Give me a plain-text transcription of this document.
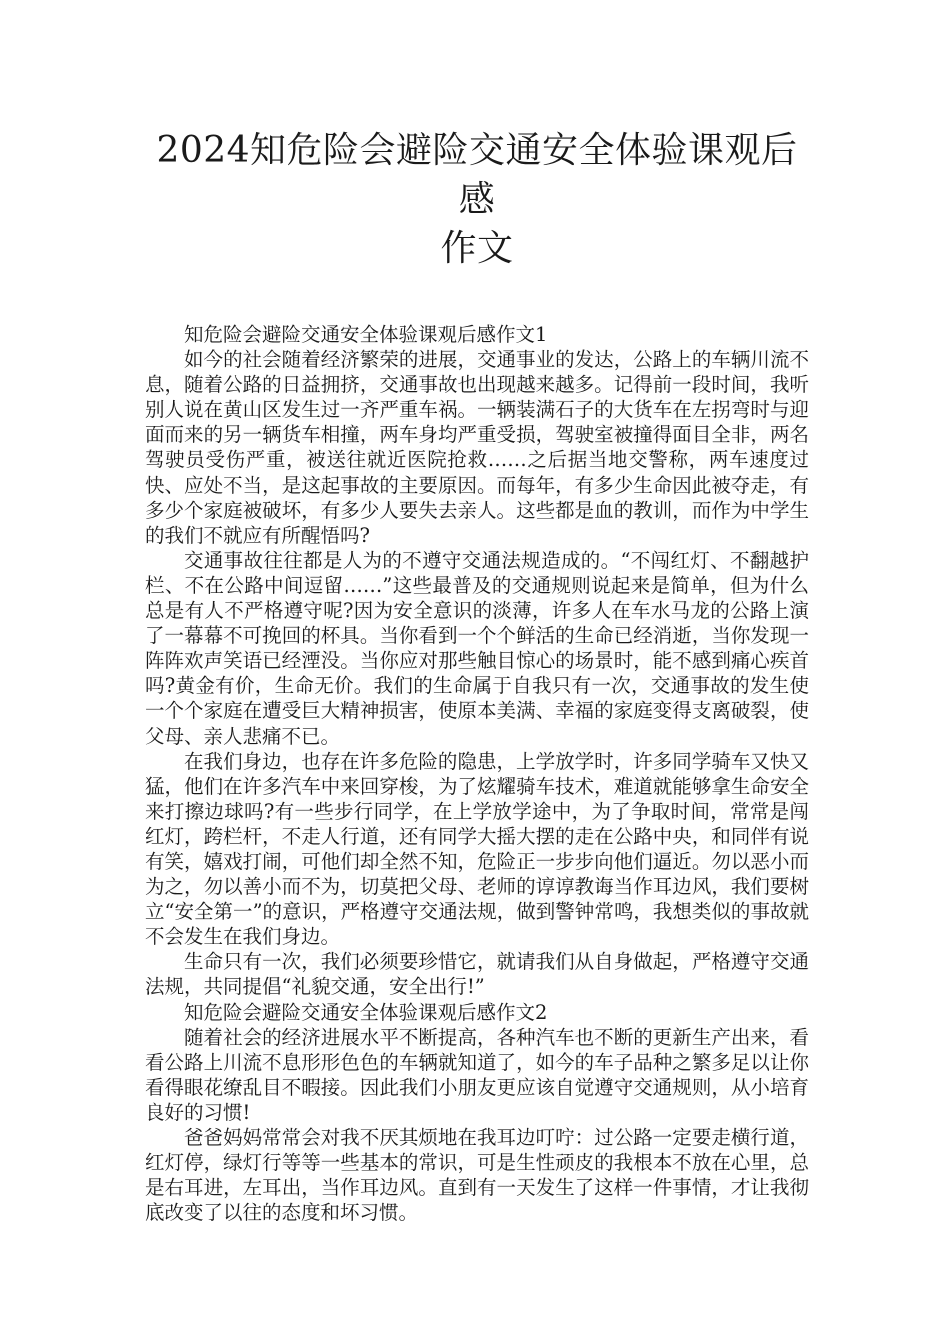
2024知危险会避险交通安全体验课观后感
作文

知危险会避险交通安全体验课观后感作文1

如今的社会随着经济繁荣的进展，交通事业的发达，公路上的车辆川流不息，随着公路的日益拥挤，交通事故也出现越来越多。记得前一段时间，我听别人说在黄山区发生过一齐严重车祸。一辆装满石子的大货车在左拐弯时与迎面而来的另一辆货车相撞，两车身均严重受损，驾驶室被撞得面目全非，两名驾驶员受伤严重，被送往就近医院抢救……之后据当地交警称，两车速度过快、应处不当，是这起事故的主要原因。而每年，有多少生命因此被夺走，有多少个家庭被破坏，有多少人要失去亲人。这些都是血的教训，而作为中学生的我们不就应有所醒悟吗?

交通事故往往都是人为的不遵守交通法规造成的。“不闯红灯、不翻越护栏、不在公路中间逗留……”这些最普及的交通规则说起来是简单，但为什么总是有人不严格遵守呢?因为安全意识的淡薄，许多人在车水马龙的公路上演了一幕幕不可挽回的杯具。当你看到一个个鲜活的生命已经消逝，当你发现一阵阵欢声笑语已经湮没。当你应对那些触目惊心的场景时，能不感到痛心疾首吗?黄金有价，生命无价。我们的生命属于自我只有一次，交通事故的发生使一个个家庭在遭受巨大精神损害，使原本美满、幸福的家庭变得支离破裂，使父母、亲人悲痛不已。

在我们身边，也存在许多危险的隐患，上学放学时，许多同学骑车又快又猛，他们在许多汽车中来回穿梭，为了炫耀骑车技术，难道就能够拿生命安全来打擦边球吗?有一些步行同学，在上学放学途中，为了争取时间，常常是闯红灯，跨栏杆，不走人行道，还有同学大摇大摆的走在公路中央，和同伴有说有笑，嬉戏打闹，可他们却全然不知，危险正一步步向他们逼近。勿以恶小而为之，勿以善小而不为，切莫把父母、老师的谆谆教诲当作耳边风，我们要树立“安全第一”的意识，严格遵守交通法规，做到警钟常鸣，我想类似的事故就不会发生在我们身边。

生命只有一次，我们必须要珍惜它，就请我们从自身做起，严格遵守交通法规，共同提倡“礼貌交通，安全出行!”

知危险会避险交通安全体验课观后感作文2

随着社会的经济进展水平不断提高，各种汽车也不断的更新生产出来，看看公路上川流不息形形色色的车辆就知道了，如今的车子品种之繁多足以让你看得眼花缭乱目不暇接。因此我们小朋友更应该自觉遵守交通规则，从小培育良好的习惯!

爸爸妈妈常常会对我不厌其烦地在我耳边叮咛：过公路一定要走横行道，红灯停，绿灯行等等一些基本的常识，可是生性顽皮的我根本不放在心里，总是右耳进，左耳出，当作耳边风。直到有一天发生了这样一件事情，才让我彻底改变了以往的态度和坏习惯。
